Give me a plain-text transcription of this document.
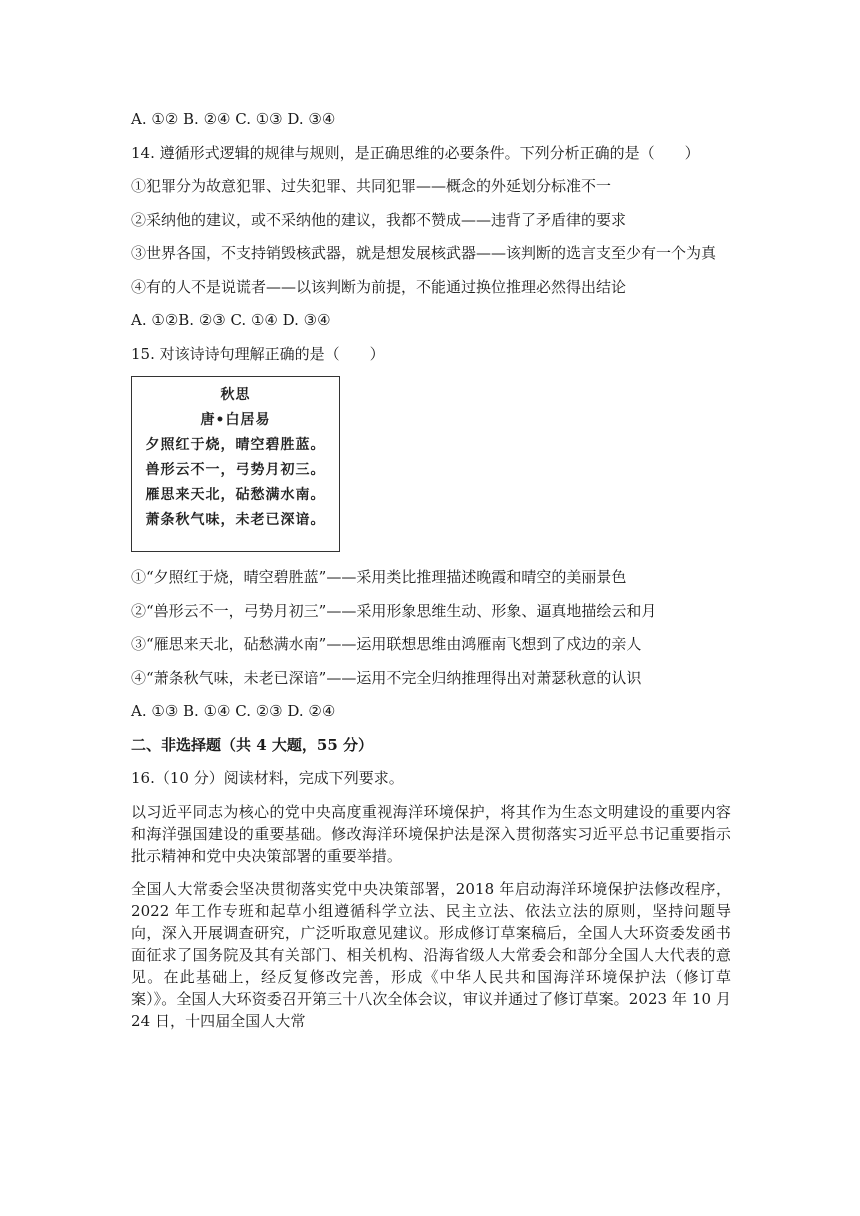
A. ①② B. ②④ C. ①③ D. ③④
14. 遵循形式逻辑的规律与规则，是正确思维的必要条件。下列分析正确的是（　　）
①犯罪分为故意犯罪、过失犯罪、共同犯罪——概念的外延划分标准不一
②采纳他的建议，或不采纳他的建议，我都不赞成——违背了矛盾律的要求
③世界各国，不支持销毁核武器，就是想发展核武器——该判断的选言支至少有一个为真
④有的人不是说谎者——以该判断为前提，不能通过换位推理必然得出结论
A. ①②B. ②③ C. ①④ D. ③④
15. 对该诗诗句理解正确的是（　　）
秋思
唐•白居易
夕照红于烧，晴空碧胜蓝。
兽形云不一，弓势月初三。
雁思来天北，砧愁满水南。
萧条秋气味，未老已深谙。
①“夕照红于烧，晴空碧胜蓝”——采用类比推理描述晚霞和晴空的美丽景色
②“兽形云不一，弓势月初三”——采用形象思维生动、形象、逼真地描绘云和月
③“雁思来天北，砧愁满水南”——运用联想思维由鸿雁南飞想到了戍边的亲人
④“萧条秋气味，未老已深谙”——运用不完全归纳推理得出对萧瑟秋意的认识
A. ①③ B. ①④ C. ②③ D. ②④
二、非选择题（共 4 大题，55 分）
16.（10 分）阅读材料，完成下列要求。
以习近平同志为核心的党中央高度重视海洋环境保护，将其作为生态文明建设的重要内容和海洋强国建设的重要基础。修改海洋环境保护法是深入贯彻落实习近平总书记重要指示批示精神和党中央决策部署的重要举措。
全国人大常委会坚决贯彻落实党中央决策部署，2018 年启动海洋环境保护法修改程序，2022 年工作专班和起草小组遵循科学立法、民主立法、依法立法的原则，坚持问题导向，深入开展调查研究，广泛听取意见建议。形成修订草案稿后，全国人大环资委发函书面征求了国务院及其有关部门、相关机构、沿海省级人大常委会和部分全国人大代表的意见。在此基础上，经反复修改完善，形成《中华人民共和国海洋环境保护法（修订草案）》。全国人大环资委召开第三十八次全体会议，审议并通过了修订草案。2023 年 10 月 24 日，十四届全国人大常
